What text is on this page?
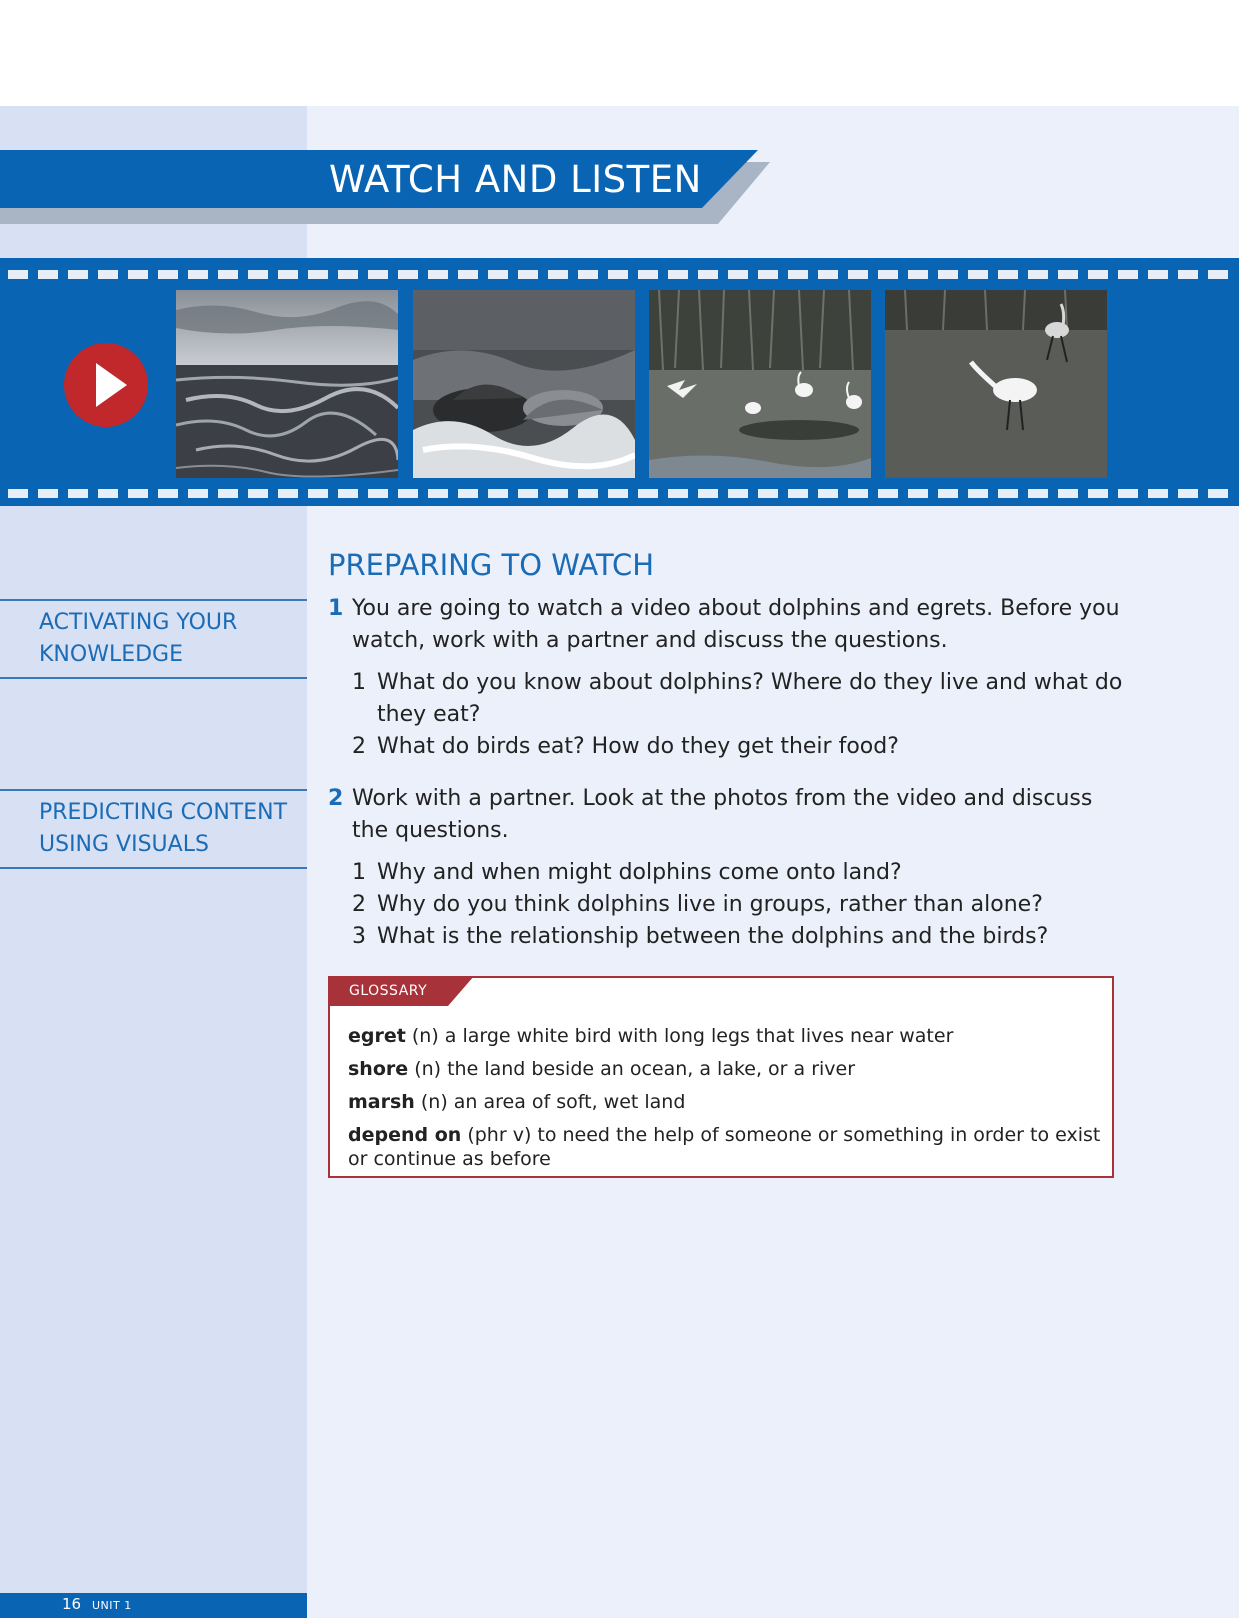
WATCH AND LISTEN
ACTIVATING YOUR
KNOWLEDGE
PREDICTING CONTENT
USING VISUALS
PREPARING TO WATCH
1 You are going to watch a video about dolphins and egrets. Before you
watch, work with a partner and discuss the questions.
1 What do you know about dolphins? Where do they live and what do
they eat?
2 What do birds eat? How do they get their food?
2 Work with a partner. Look at the photos from the video and discuss
the questions.
1 Why and when might dolphins come onto land?
2 Why do you think dolphins live in groups, rather than alone?
3 What is the relationship between the dolphins and the birds?
GLOSSARY
egret (n) a large white bird with long legs that lives near water
shore (n) the land beside an ocean, a lake, or a river
marsh (n) an area of soft, wet land
depend on (phr v) to need the help of someone or something in order to exist
or continue as before
16 UNIT 1
